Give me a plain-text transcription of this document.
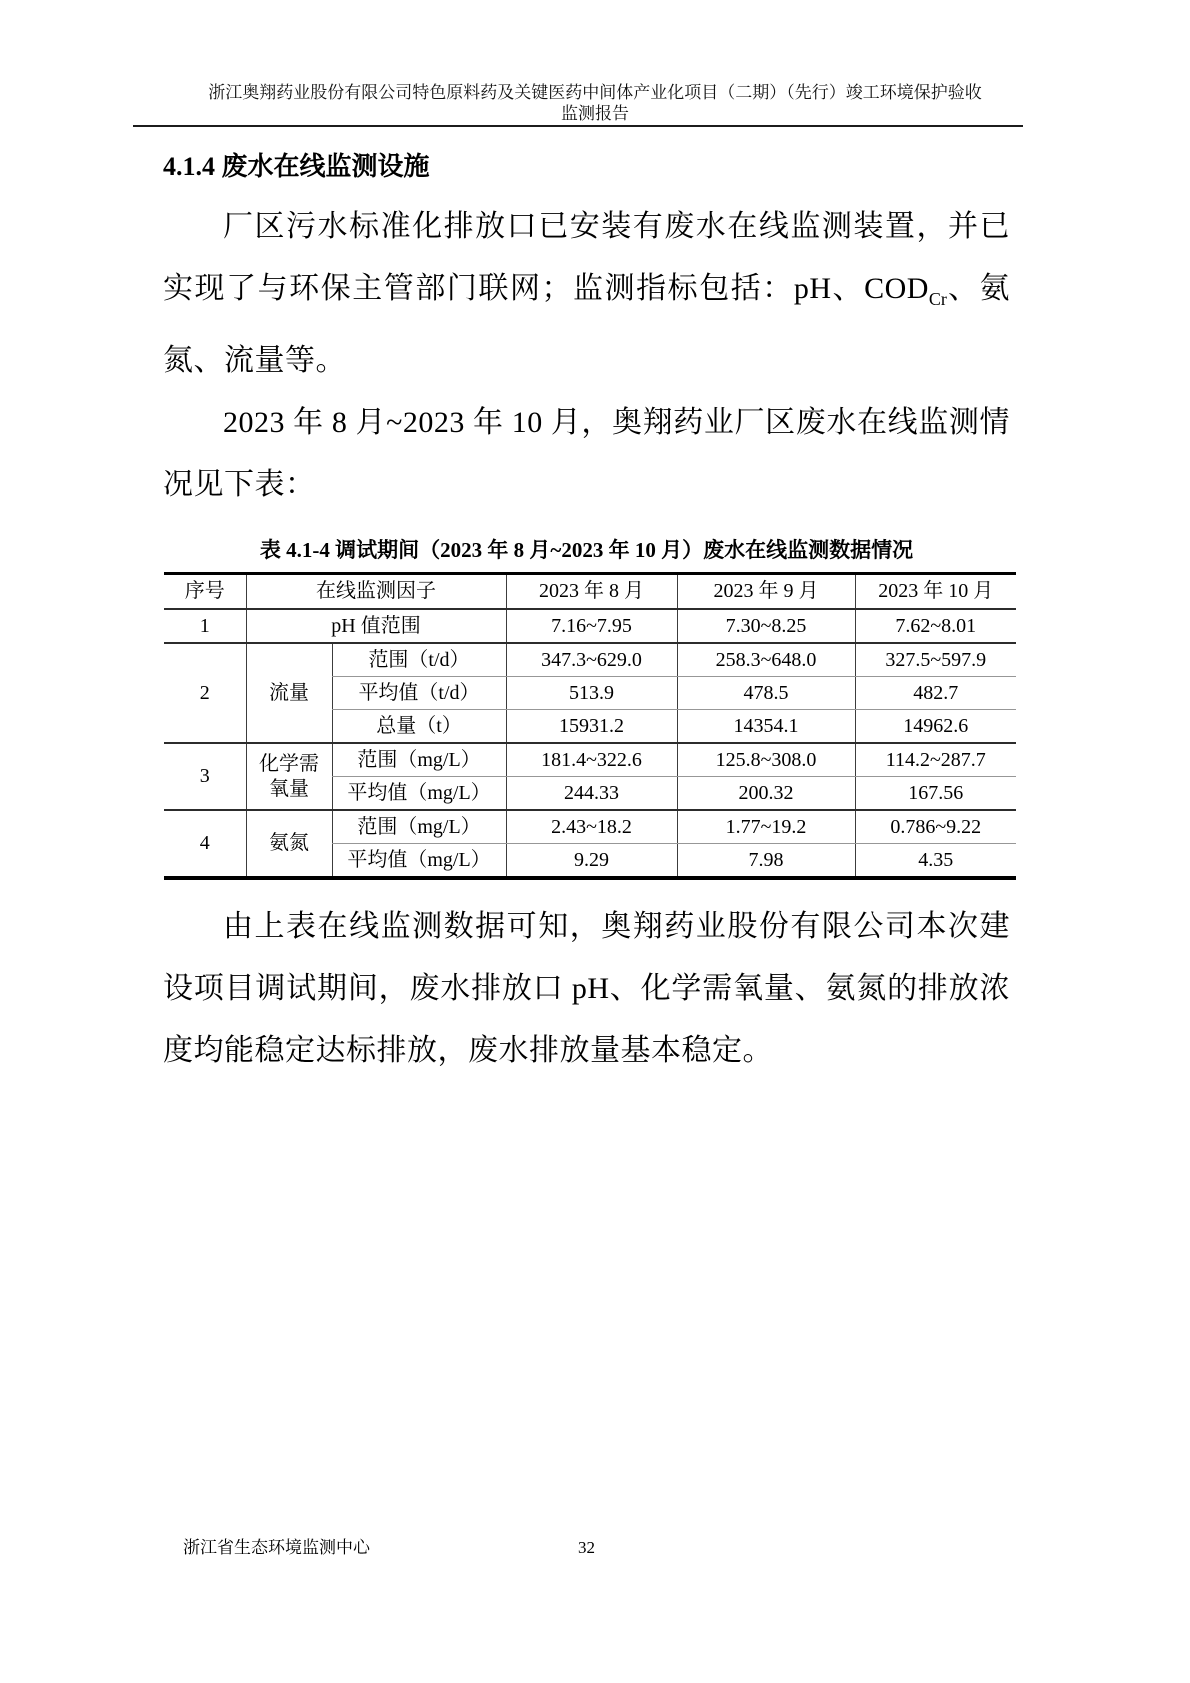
浙江奥翔药业股份有限公司特色原料药及关键医药中间体产业化项目（二期）（先行）竣工环境保护验收
监测报告
4.1.4 废水在线监测设施

厂区污水标准化排放口已安装有废水在线监测装置，并已实现了与环保主管部门联网；监测指标包括：pH、$COD_{Cr}$、氨氮、流量等。

2023 年 8 月~2023 年 10 月，奥翔药业厂区废水在线监测情况见下表：

表 4.1-4 调试期间（2023 年 8 月~2023 年 10 月）废水在线监测数据情况
序号	在线监测因子		2023 年 8 月	2023 年 9 月	2023 年 10 月
1	pH 值范围		7.16~7.95	7.30~8.25	7.62~8.01
2	流量	范围（t/d）	347.3~629.0	258.3~648.0	327.5~597.9
		平均值（t/d）	513.9	478.5	482.7
		总量（t）	15931.2	14354.1	14962.6
3	化学需氧量	范围（mg/L）	181.4~322.6	125.8~308.0	114.2~287.7
		平均值（mg/L）	244.33	200.32	167.56
4	氨氮	范围（mg/L）	2.43~18.2	1.77~19.2	0.786~9.22
		平均值（mg/L）	9.29	7.98	4.35

由上表在线监测数据可知，奥翔药业股份有限公司本次建设项目调试期间，废水排放口 pH、化学需氧量、氨氮的排放浓度均能稳定达标排放，废水排放量基本稳定。

浙江省生态环境监测中心	32
